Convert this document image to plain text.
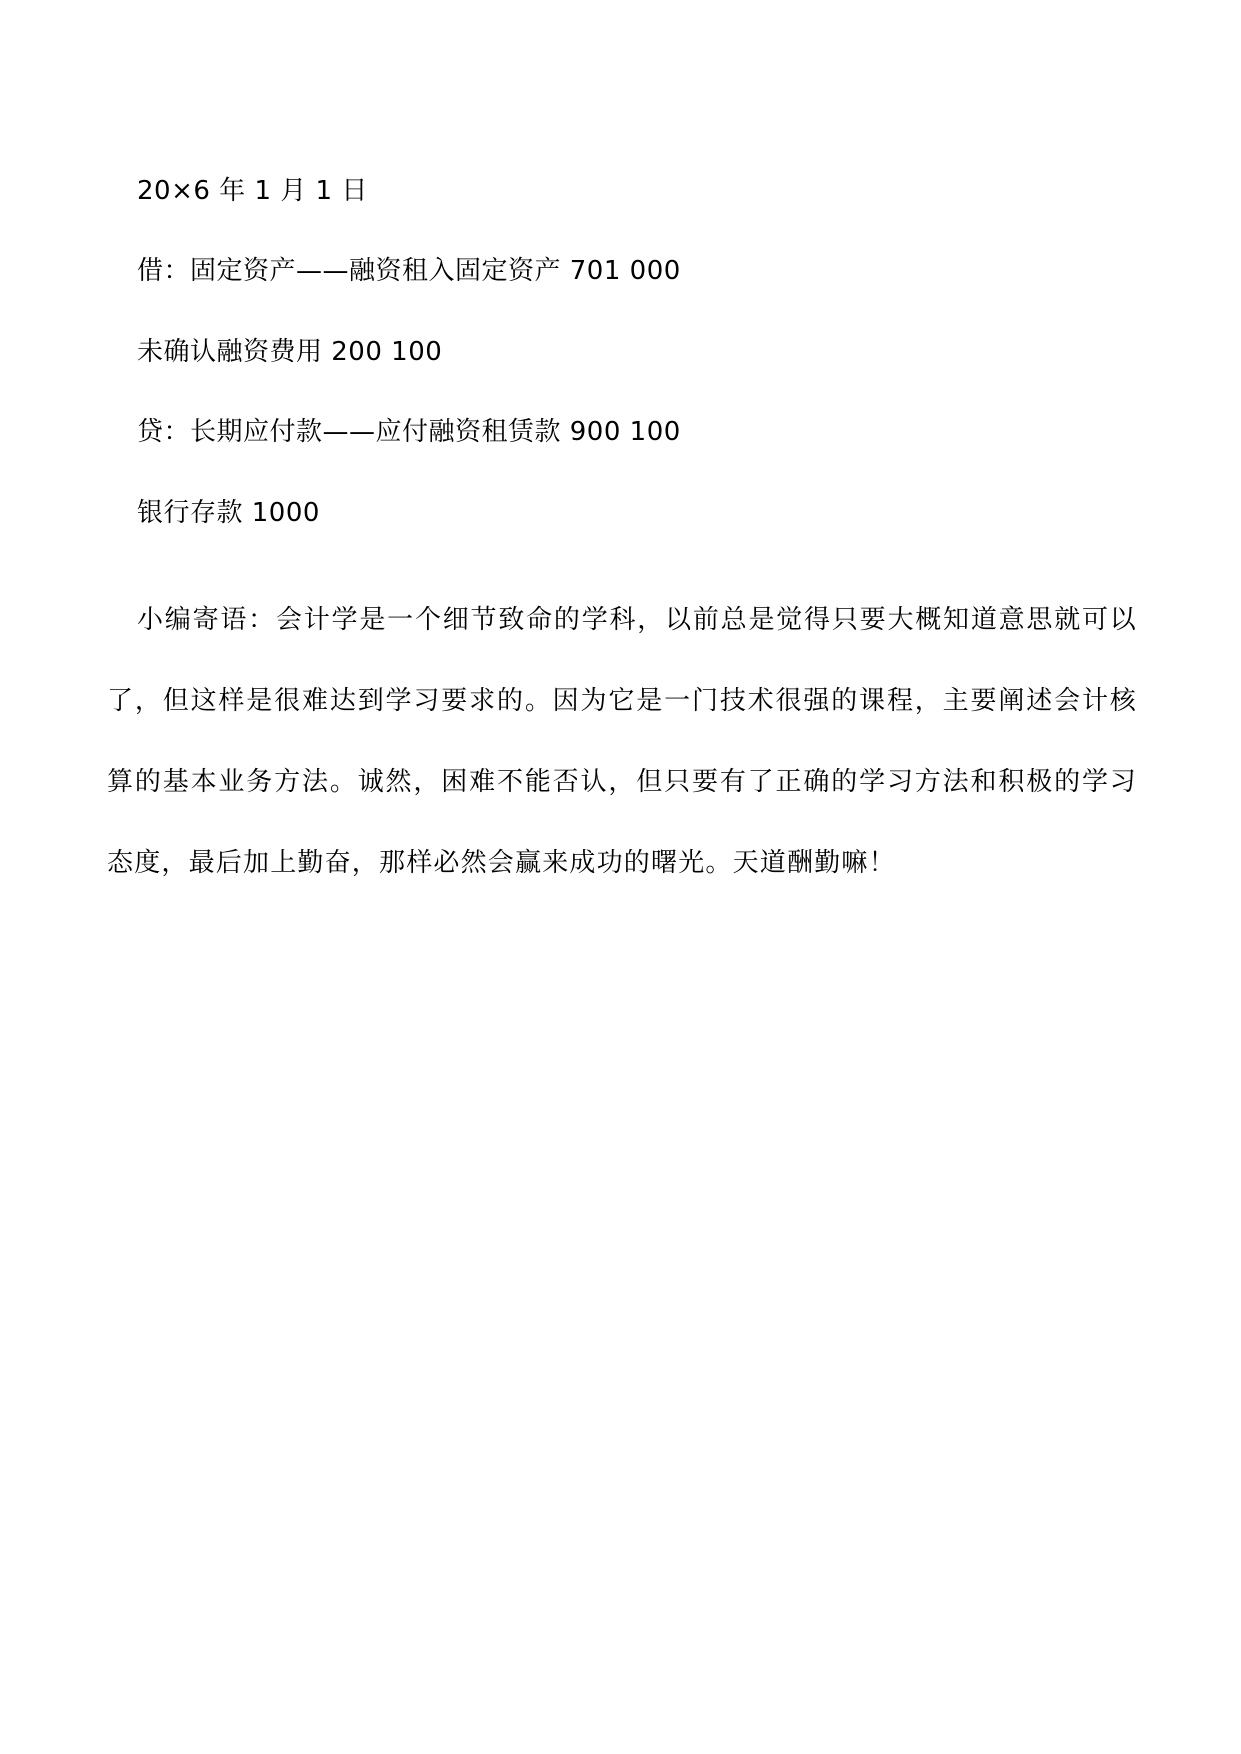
20×6 年 1 月 1 日
借：固定资产——融资租入固定资产 701 000
未确认融资费用 200 100
贷：长期应付款——应付融资租赁款 900 100
银行存款 1000
小编寄语：会计学是一个细节致命的学科，以前总是觉得只要大概知道意思就可以了，但这样是很难达到学习要求的。因为它是一门技术很强的课程，主要阐述会计核算的基本业务方法。诚然，困难不能否认，但只要有了正确的学习方法和积极的学习态度，最后加上勤奋，那样必然会赢来成功的曙光。天道酬勤嘛！
